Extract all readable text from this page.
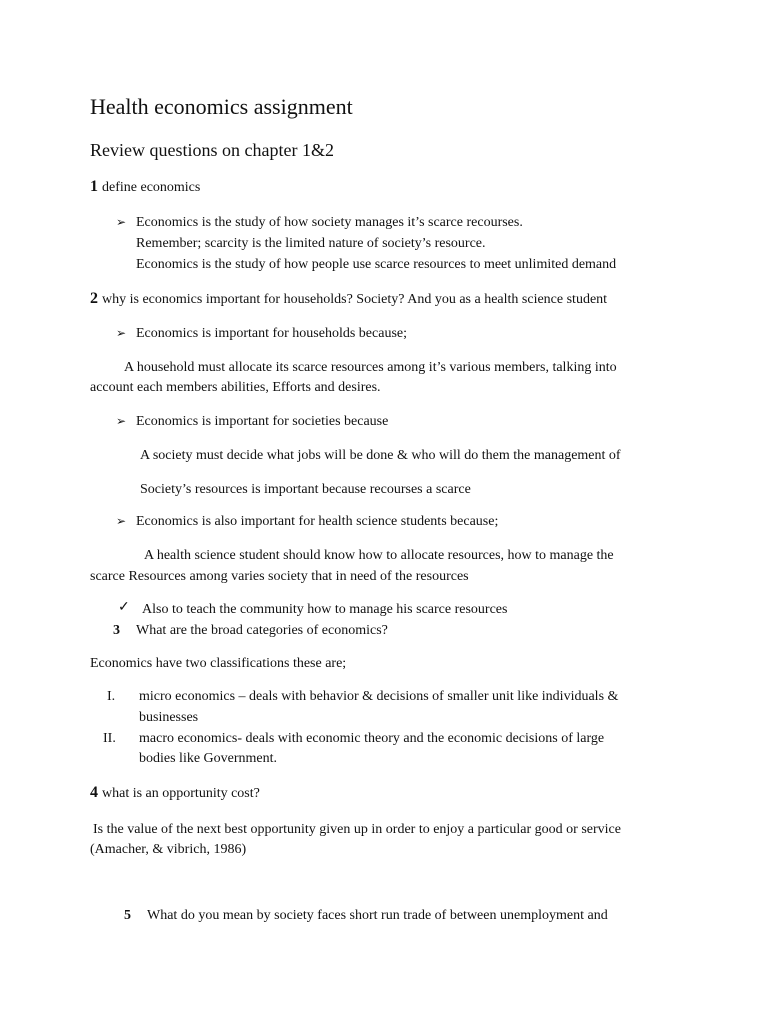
Health economics assignment
Review questions on chapter 1&2
1 define economics
➢ Economics is the study of how society manages it’s scarce recourses.
Remember; scarcity is the limited nature of society’s resource.
Economics is the study of how people use scarce resources to meet unlimited demand
2 why is economics important for households? Society? And you as a health science student
➢ Economics is important for households because;
A household must allocate its scarce resources among it’s various members, talking into
account each members abilities, Efforts and desires.
➢ Economics is important for societies because
A society must decide what jobs will be done & who will do them the management of
Society’s resources is important because recourses a scarce
➢ Economics is also important for health science students because;
A health science student should know how to allocate resources, how to manage the
scarce Resources among varies society that in need of the resources
✓ Also to teach the community how to manage his scarce resources
3 What are the broad categories of economics?
Economics have two classifications these are;
I. micro economics – deals with behavior & decisions of smaller unit like individuals &
businesses
II. macro economics- deals with economic theory and the economic decisions of large
bodies like Government.
4 what is an opportunity cost?
Is the value of the next best opportunity given up in order to enjoy a particular good or service
(Amacher, & vibrich, 1986)
5 What do you mean by society faces short run trade of between unemployment and
